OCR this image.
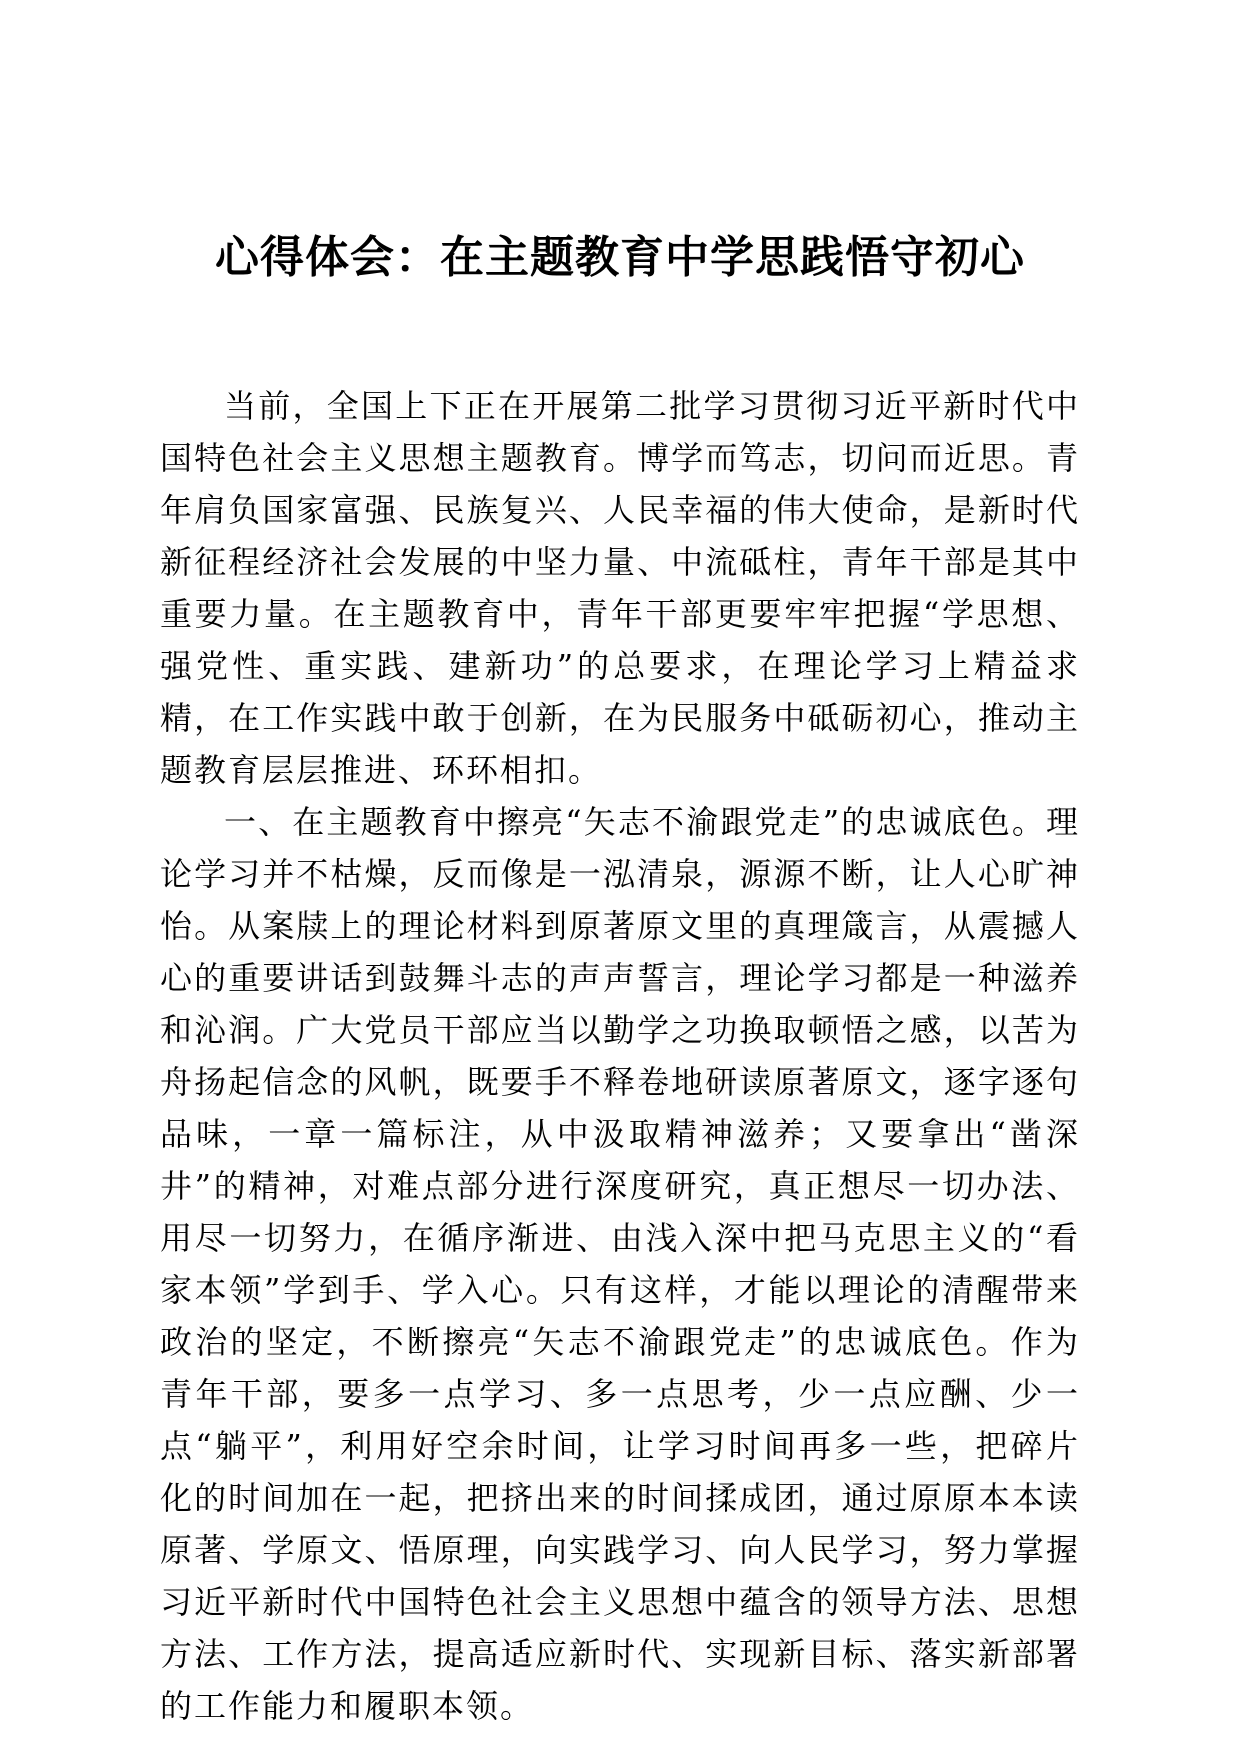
心得体会：在主题教育中学思践悟守初心

当前，全国上下正在开展第二批学习贯彻习近平新时代中国特色社会主义思想主题教育。博学而笃志，切问而近思。青年肩负国家富强、民族复兴、人民幸福的伟大使命，是新时代新征程经济社会发展的中坚力量、中流砥柱，青年干部是其中重要力量。在主题教育中，青年干部更要牢牢把握“学思想、强党性、重实践、建新功”的总要求，在理论学习上精益求精，在工作实践中敢于创新，在为民服务中砥砺初心，推动主题教育层层推进、环环相扣。

一、在主题教育中擦亮“矢志不渝跟党走”的忠诚底色。理论学习并不枯燥，反而像是一泓清泉，源源不断，让人心旷神怡。从案牍上的理论材料到原著原文里的真理箴言，从震撼人心的重要讲话到鼓舞斗志的声声誓言，理论学习都是一种滋养和沁润。广大党员干部应当以勤学之功换取顿悟之感，以苦为舟扬起信念的风帆，既要手不释卷地研读原著原文，逐字逐句品味，一章一篇标注，从中汲取精神滋养；又要拿出“凿深井”的精神，对难点部分进行深度研究，真正想尽一切办法、用尽一切努力，在循序渐进、由浅入深中把马克思主义的“看家本领”学到手、学入心。只有这样，才能以理论的清醒带来政治的坚定，不断擦亮“矢志不渝跟党走”的忠诚底色。作为青年干部，要多一点学习、多一点思考，少一点应酬、少一点“躺平”，利用好空余时间，让学习时间再多一些，把碎片化的时间加在一起，把挤出来的时间揉成团，通过原原本本读原著、学原文、悟原理，向实践学习、向人民学习，努力掌握习近平新时代中国特色社会主义思想中蕴含的领导方法、思想方法、工作方法，提高适应新时代、实现新目标、落实新部署的工作能力和履职本领。
